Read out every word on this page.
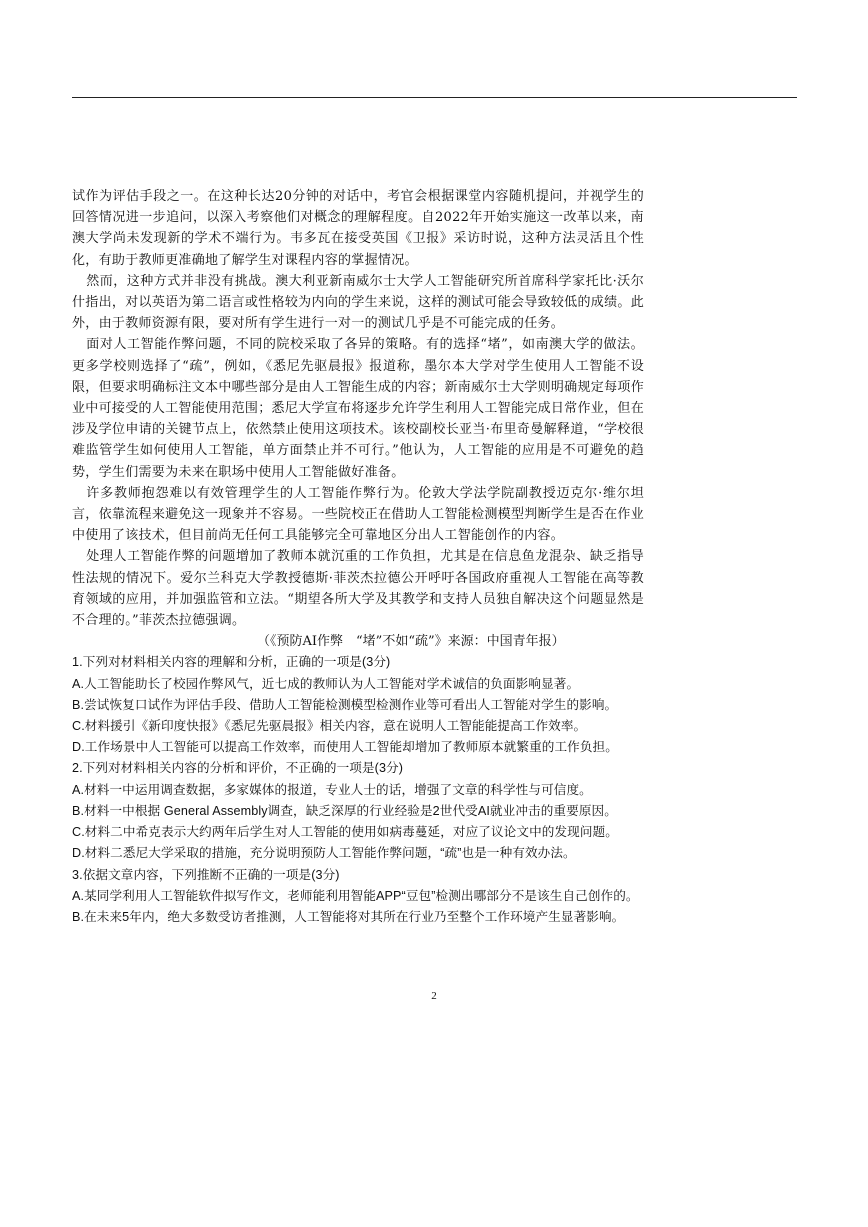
试作为评估手段之一。在这种长达20分钟的对话中，考官会根据课堂内容随机提问，并视学生的回答情况进一步追问，以深入考察他们对概念的理解程度。自2022年开始实施这一改革以来，南澳大学尚未发现新的学术不端行为。韦多瓦在接受英国《卫报》采访时说，这种方法灵活且个性化，有助于教师更准确地了解学生对课程内容的掌握情况。

然而，这种方式并非没有挑战。澳大利亚新南威尔士大学人工智能研究所首席科学家托比·沃尔什指出，对以英语为第二语言或性格较为内向的学生来说，这样的测试可能会导致较低的成绩。此外，由于教师资源有限，要对所有学生进行一对一的测试几乎是不可能完成的任务。

面对人工智能作弊问题，不同的院校采取了各异的策略。有的选择“堵”，如南澳大学的做法。更多学校则选择了“疏”，例如，《悉尼先驱晨报》报道称，墨尔本大学对学生使用人工智能不设限，但要求明确标注文本中哪些部分是由人工智能生成的内容；新南威尔士大学则明确规定每项作业中可接受的人工智能使用范围；悉尼大学宣布将逐步允许学生利用人工智能完成日常作业，但在涉及学位申请的关键节点上，依然禁止使用这项技术。该校副校长亚当·布里奇曼解释道，“学校很难监管学生如何使用人工智能，单方面禁止并不可行。”他认为，人工智能的应用是不可避免的趋势，学生们需要为未来在职场中使用人工智能做好准备。

许多教师抱怨难以有效管理学生的人工智能作弊行为。伦敦大学法学院副教授迈克尔·维尔坦言，依靠流程来避免这一现象并不容易。一些院校正在借助人工智能检测模型判断学生是否在作业中使用了该技术，但目前尚无任何工具能够完全可靠地区分出人工智能创作的内容。

处理人工智能作弊的问题增加了教师本就沉重的工作负担，尤其是在信息鱼龙混杂、缺乏指导性法规的情况下。爱尔兰科克大学教授德斯·菲茨杰拉德公开呼吁各国政府重视人工智能在高等教育领域的应用，并加强监管和立法。“期望各所大学及其教学和支持人员独自解决这个问题显然是不合理的。”菲茨杰拉德强调。

（《预防AI作弊　“堵”不如“疏”》来源：中国青年报）

1.下列对材料相关内容的理解和分析，正确的一项是(3分)

A.人工智能助长了校园作弊风气，近七成的教师认为人工智能对学术诚信的负面影响显著。

B.尝试恢复口试作为评估手段、借助人工智能检测模型检测作业等可看出人工智能对学生的影响。

C.材料援引《新印度快报》《悉尼先驱晨报》相关内容，意在说明人工智能能提高工作效率。

D.工作场景中人工智能可以提高工作效率，而使用人工智能却增加了教师原本就繁重的工作负担。

2.下列对材料相关内容的分析和评价，不正确的一项是(3分)

A.材料一中运用调查数据，多家媒体的报道，专业人士的话，增强了文章的科学性与可信度。

B.材料一中根据 General Assembly调查，缺乏深厚的行业经验是2世代受AI就业冲击的重要原因。

C.材料二中希克表示大约两年后学生对人工智能的使用如病毒蔓延，对应了议论文中的发现问题。

D.材料二悉尼大学采取的措施，充分说明预防人工智能作弊问题，“疏”也是一种有效办法。

3.依据文章内容，下列推断不正确的一项是(3分)

A.某同学利用人工智能软件拟写作文，老师能利用智能APP“豆包”检测出哪部分不是该生自己创作的。

B.在未来5年内，绝大多数受访者推测，人工智能将对其所在行业乃至整个工作环境产生显著影响。

2
